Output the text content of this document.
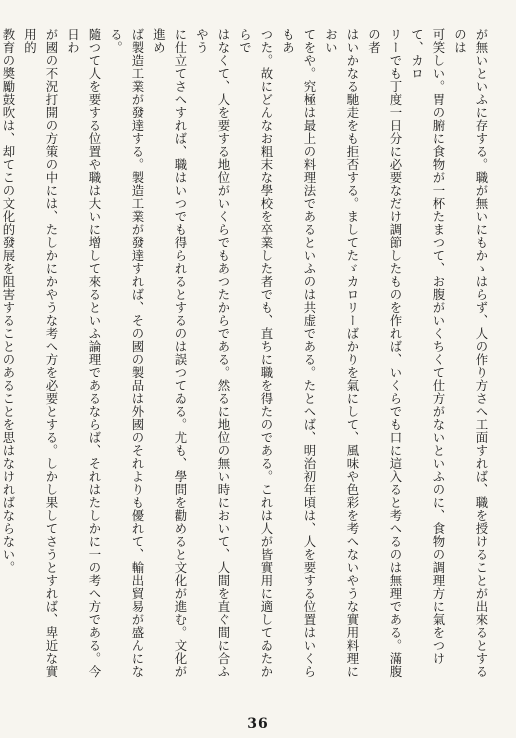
が無いといふに存する。職が無いにもかゝはらず、人の作り方さへ工面すれば、職を授けることが出來るとするのは

可笑しい。胃の腑に食物が一杯たまつて、お腹がいくちくて仕方がないといふのに、食物の調理方に氣をつけて、カロ

リーでも丁度一日分に必要なだけ調節したものを作れば、いくらでも口に這入ると考へるのは無理である。滿腹の者

はいかなる馳走をも拒否する。ましてたゞカロリーばかりを氣にして、風味や色彩を考へないやうな實用料理におい

てをや。究極は最上の料理法であるといふのは共虚である。たとへば、明治初年頃は、人を要する位置はいくらもあ

つた。故にどんなお粗末な學校を卒業した者でも、直ちに職を得たのである。これは人が皆實用に適してゐたからで

はなくて、人を要する地位がいくらでもあつたからである。然るに地位の無い時において、人間を直ぐ間に合ふやう

に仕立てさへすれば、職はいつでも得られるとするのは誤つてゐる。尤も、學問を勸めると文化が進む。文化が進め

ば製造工業が發達する。製造工業が發達すれば、その國の製品は外國のそれよりも優れて、輸出貿易が盛んになる。

隨つて人を要する位置や職は大いに增して來るといふ論理であるならば、それはたしかに一の考へ方である。今日わ

が國の不況打開の方策の中には、たしかにかやうな考へ方を必要とする。しかし果してさうとすれば、卑近な實用的

教育の奬勵鼓吹は、却てこの文化的發展を阻害することのあることを思はなければならない。

36
